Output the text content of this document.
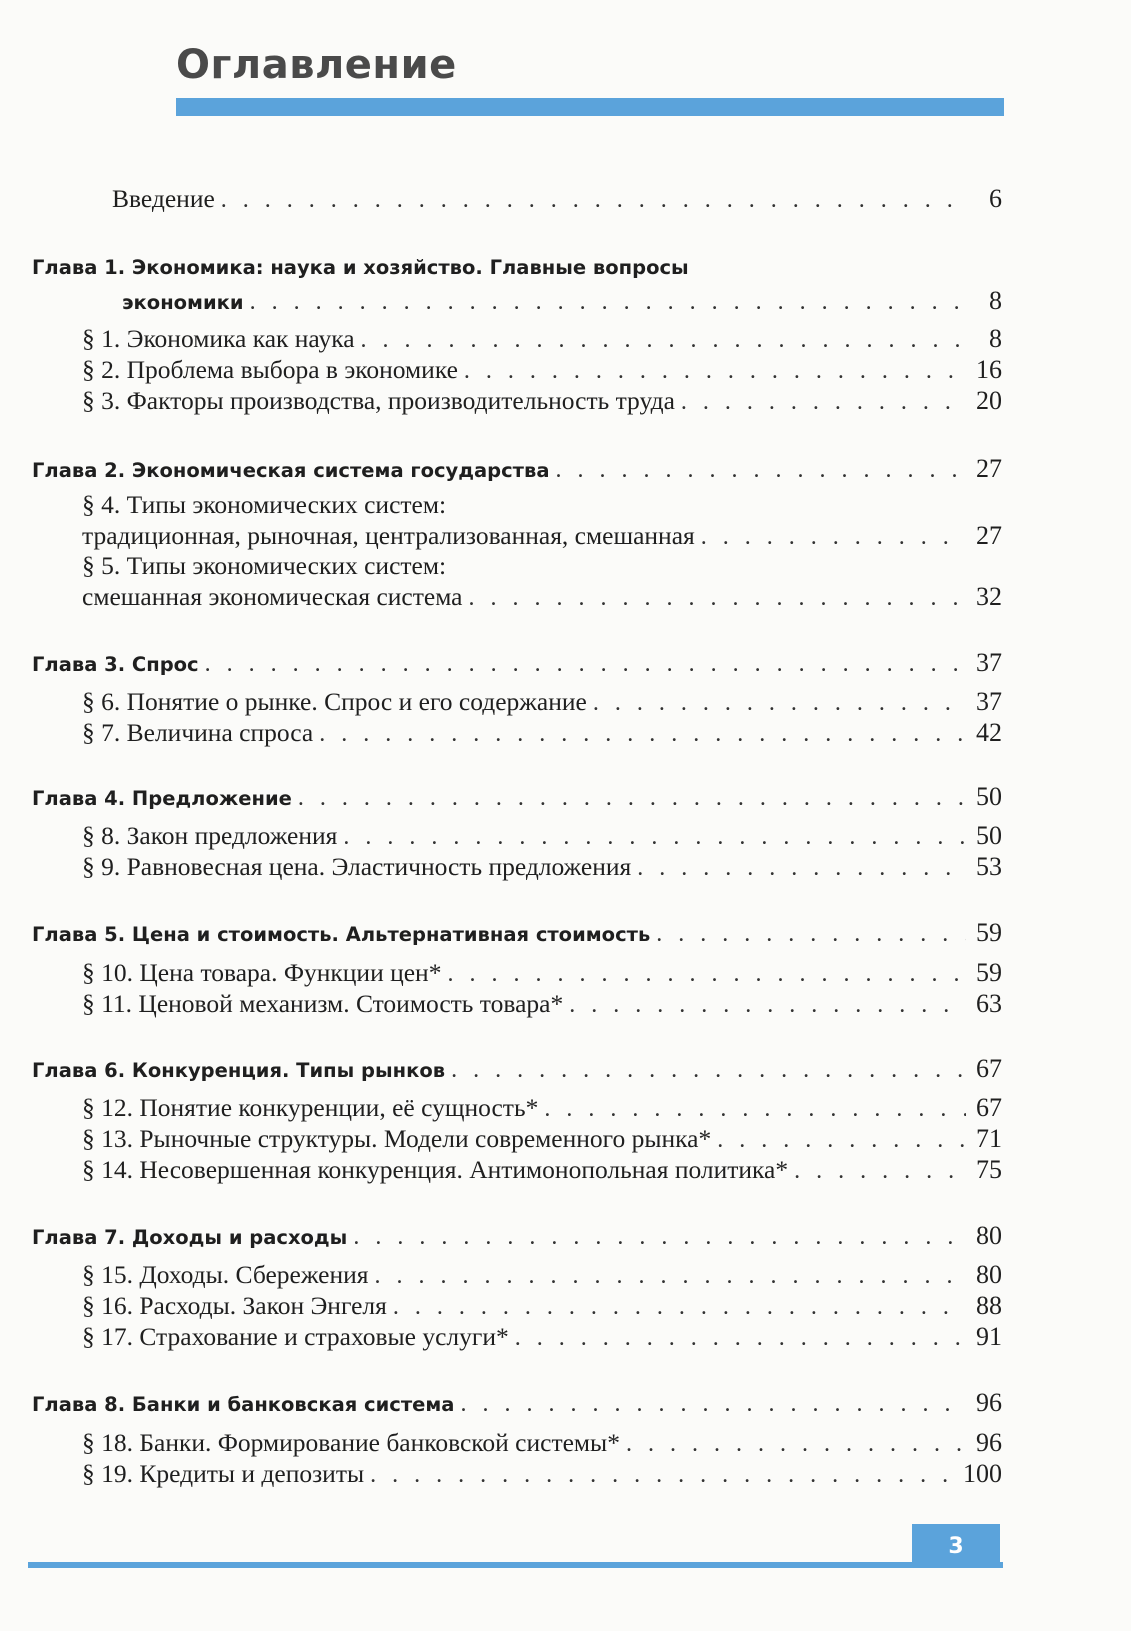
Оглавление
Введение . . .	6
Глава 1. Экономика: наука и хозяйство. Главные вопросы
экономики . . .	8
§ 1. Экономика как наука . . .	8
§ 2. Проблема выбора в экономике . . .	16
§ 3. Факторы производства, производительность труда . . .	20
Глава 2. Экономическая система государства . . .	27
§ 4. Типы экономических систем:
традиционная, рыночная, централизованная, смешанная . . .	27
§ 5. Типы экономических систем:
смешанная экономическая система . . .	32
Глава 3. Спрос . . .	37
§ 6. Понятие о рынке. Спрос и его содержание . . .	37
§ 7. Величина спроса . . .	42
Глава 4. Предложение . . .	50
§ 8. Закон предложения . . .	50
§ 9. Равновесная цена. Эластичность предложения . . .	53
Глава 5. Цена и стоимость. Альтернативная стоимость . . .	59
§ 10. Цена товара. Функции цен* . . .	59
§ 11. Ценовой механизм. Стоимость товара* . . .	63
Глава 6. Конкуренция. Типы рынков . . .	67
§ 12. Понятие конкуренции, её сущность* . . .	67
§ 13. Рыночные структуры. Модели современного рынка* . . .	71
§ 14. Несовершенная конкуренция. Антимонопольная политика* . . .	75
Глава 7. Доходы и расходы . . .	80
§ 15. Доходы. Сбережения . . .	80
§ 16. Расходы. Закон Энгеля . . .	88
§ 17. Страхование и страховые услуги* . . .	91
Глава 8. Банки и банковская система . . .	96
§ 18. Банки. Формирование банковской системы* . . .	96
§ 19. Кредиты и депозиты . . .	100
3
